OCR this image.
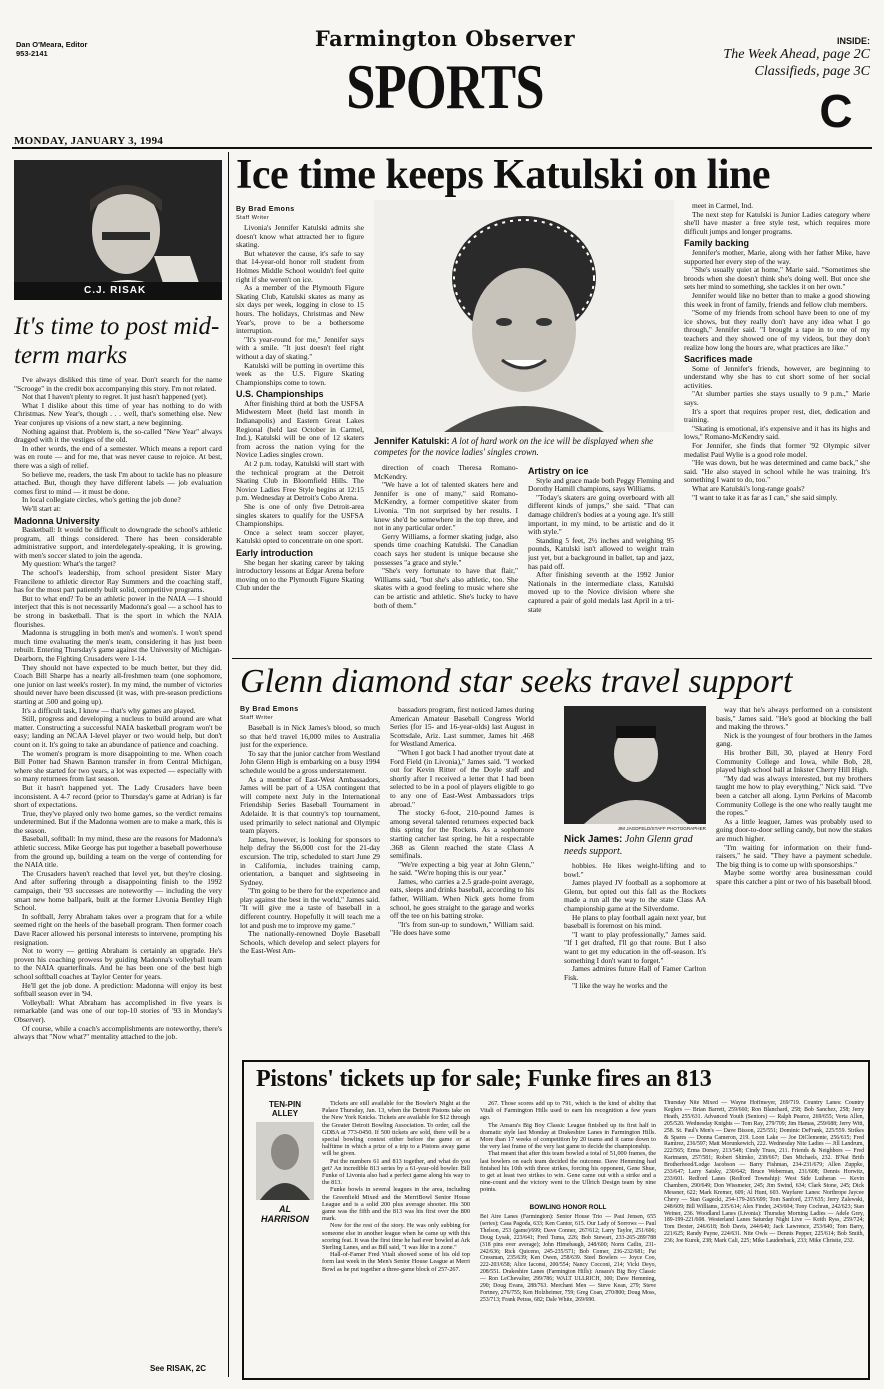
Dan O'Meara, Editor
953-2141
Farmington Observer
SPORTS
INSIDE:
The Week Ahead, page 2C
Classifieds, page 3C
C
MONDAY, JANUARY 3, 1994
C.J. RISAK
It's time to post mid-term marks

I've always disliked this time of year. Don't search for the name "Scrooge" in the credit box accompanying this story. I'm not related.

Not that I haven't plenty to regret. It just hasn't happened (yet).

What I dislike about this time of year has nothing to do with Christmas. New Year's, though . . . well, that's something else. New Year conjures up visions of a new start, a new beginning.

Nothing against that. Problem is, the so-called "New Year" always dragged with it the vestiges of the old.

In other words, the end of a semester. Which means a report card was en route — and for me, that was never cause to rejoice. At best, there was a sigh of relief.

So believe me, readers, the task I'm about to tackle has no pleasure attached. But, though they have different labels — job evaluation comes first to mind — it must be done.

In local collegiate circles, who's getting the job done?

We'll start at:

Madonna University

Basketball: It would be difficult to downgrade the school's athletic program, all things considered. There has been considerable administrative support, and interdelegately-speaking, it is growing, with men's soccer slated to join the agenda.

My question: What's the target?

The school's leadership, from school president Sister Mary Francilene to athletic director Ray Summers and the coaching staff, has for the most part patiently built solid, competitive programs.

But to what end? To be an athletic power in the NAIA — I should interject that this is not necessarily Madonna's goal — a school has to be strong in basketball. That is the sport in which the NAIA flourishes.

Madonna is struggling in both men's and women's. I won't spend much time evaluating the men's team, considering it has just been rebuilt. Entering Thursday's game against the University of Michigan-Dearborn, the Fighting Crusaders were 1-14.

They should not have expected to be much better, but they did. Coach Bill Sharpe has a nearly all-freshmen team (one sophomore, one junior on last week's roster). In my mind, the number of victories should never have been discussed (it was, with pre-season predictions starting at .500 and going up).

It's a difficult task, I know — that's why games are played.

Still, progress and developing a nucleus to build around are what matter. Constructing a successful NAIA basketball program won't be easy; landing an NCAA I-level player or two would help, but don't count on it. It's going to take an abundance of patience and coaching.

The women's program is more disappointing to me. When coach Bill Potter had Shawn Bannon transfer in from Central Michigan, where she started for two years, a lot was expected — especially with so many returnees from last season.

But it hasn't happened yet. The Lady Crusaders have been inconsistent. A 4-7 record (prior to Thursday's game at Adrian) is far short of expectations.

True, they've played only two home games, so the verdict remains undetermined. But if the Madonna women are to make a mark, this is the season.

Baseball, softball: In my mind, these are the reasons for Madonna's athletic success. Mike George has put together a baseball powerhouse from the ground up, building a team on the verge of contending for the NAIA title.

The Crusaders haven't reached that level yet, but they're closing. And after suffering through a disappointing finish to the 1992 campaign, their '93 successes are noteworthy — including the very smart new home ballpark, built at the former Livonia Bentley High School.

In softball, Jerry Abraham takes over a program that for a while seemed right on the heels of the baseball program. Then former coach Dave Racer allowed his personal interests to intervene, prompting his resignation.

Not to worry — getting Abraham is certainly an upgrade. He's proven his coaching prowess by guiding Madonna's volleyball team to the NAIA quarterfinals. And he has been one of the best high school softball coaches at Taylor Center for years.

He'll get the job done. A prediction: Madonna will enjoy its best softball season ever in '94.

Volleyball: What Abraham has accomplished in five years is remarkable (and was one of our top-10 stories of '93 in Monday's Observer).

Of course, while a coach's accomplishments are noteworthy, there's always that "Now what?" mentality attached to the job.

See RISAK, 2C
Ice time keeps Katulski on line
By Brad Emons
Staff Writer

Livonia's Jennifer Katulski admits she doesn't know what attracted her to figure skating.

But whatever the cause, it's safe to say that 14-year-old honor roll student from Holmes Middle School wouldn't feel quite right if she weren't on ice.

As a member of the Plymouth Figure Skating Club, Katulski skates as many as six days per week, logging in close to 15 hours. The holidays, Christmas and New Year's, prove to be a bothersome interruption.

"It's year-round for me," Jennifer says with a smile. "It just doesn't feel right without a day of skating."

Katulski will be putting in overtime this week as the U.S. Figure Skating Championships come to town.

U.S. Championships

After finishing third at both the USFSA Midwestern Meet (held last month in Indianapolis) and Eastern Great Lakes Regional (held last October in Carmel, Ind.), Katulski will be one of 12 skaters from across the nation vying for the Novice Ladies singles crown.

At 2 p.m. today, Katulski will start with the technical program at the Detroit Skating Club in Bloomfield Hills. The Novice Ladies Free Style begins at 12:15 p.m. Wednesday at Detroit's Cobo Arena.

She is one of only five Detroit-area singles skaters to qualify for the USFSA Championships.

Once a select team soccer player, Katulski opted to concentrate on one sport.

Early introduction

She began her skating career by taking introductory lessons at Edgar Arena before moving on to the Plymouth Figure Skating Club under the

Jennifer Katulski: A lot of hard work on the ice will be displayed when she competes for the novice ladies' singles crown.

direction of coach Theresa Romano-McKendry.

"We have a lot of talented skaters here and Jennifer is one of many," said Romano-McKendry, a former competitive skater from Livonia. "I'm not surprised by her results. I knew she'd be somewhere in the top three, and not in any particular order."

Gerry Williams, a former skating judge, also spends time coaching Katulski. The Canadian coach says her student is unique because she possesses "a grace and style."

"She's very fortunate to have that flair," Williams said, "but she's also athletic, too. She skates with a good feeling to music where she can be artistic and athletic. She's lucky to have both of them."

Artistry on ice

Style and grace made both Peggy Fleming and Dorothy Hamill champions, says Williams.

"Today's skaters are going overboard with all different kinds of jumps," she said. "That can damage children's bodies at a young age. It's still important, in my mind, to be artistic and do it with style."

Standing 5 feet, 2½ inches and weighing 95 pounds, Katulski isn't allowed to weight train just yet, but a background in ballet, tap and jazz, has paid off.

After finishing seventh at the 1992 Junior Nationals in the intermediate class, Katulski moved up to the Novice division where she captured a pair of gold medals last April in a tri-state

meet in Carmel, Ind.

The next step for Katulski is Junior Ladies category where she'll have master a free style test, which requires more difficult jumps and longer programs.

Family backing

Jennifer's mother, Marie, along with her father Mike, have supported her every step of the way.

"She's usually quiet at home," Marie said. "Sometimes she broods when she doesn't think she's doing well. But once she sets her mind to something, she tackles it on her own."

Jennifer would like no better than to make a good showing this week in front of family, friends and fellow club members.

"Some of my friends from school have been to one of my ice shows, but they really don't have any idea what I go through," Jennifer said. "I brought a tape in to one of my teachers and they showed one of my videos, but they don't realize how long the hours are, what practices are like."

Sacrifices made

Some of Jennifer's friends, however, are beginning to understand why she has to cut short some of her social activities.

"At slumber parties she stays usually to 9 p.m.," Marie says.

It's a sport that requires proper rest, diet, dedication and training.

"Skating is emotional, it's expensive and it has its highs and lows," Romano-McKendry said.

For Jennifer, she finds that former '92 Olympic silver medalist Paul Wylie is a good role model.

"He was down, but he was determined and came back," she said. "He also stayed in school while he was training. It's something I want to do, too."

What are Katulski's long-range goals?

"I want to take it as far as I can," she said simply.

Glenn diamond star seeks travel support
By Brad Emons
Staff Writer

Baseball is in Nick James's blood, so much so that he'd travel 16,000 miles to Australia just for the experience.

To say that the junior catcher from Westland John Glenn High is embarking on a busy 1994 schedule would be a gross understatement.

As a member of East-West Ambassadors, James will be part of a USA contingent that will compete next July in the International Friendship Series Baseball Tournament in Adelaide. It is that country's top tournament, used primarily to select national and Olympic team players.

James, however, is looking for sponsors to help defray the $6,000 cost for the 21-day excursion. The trip, scheduled to start June 29 in California, includes training camp, orientation, a banquet and sightseeing in Sydney.

"I'm going to be there for the experience and play against the best in the world," James said. "It will give me a taste of baseball in a different country. Hopefully it will teach me a lot and push me to improve my game."

The nationally-renowned Doyle Baseball Schools, which develop and select players for the East-West Am-

bassadors program, first noticed James during American Amateur Baseball Congress World Series (for 15- and 16-year-olds) last August in Scottsdale, Ariz. Last summer, James hit .468 for Westland America.

"When I got back I had another tryout date at Ford Field (in Livonia)," James said. "I worked out for Kevin Ritter of the Doyle staff and shortly after I received a letter that I had been selected to be in a pool of players eligible to go to any one of East-West Ambassadors trips abroad."

The stocky 6-foot, 210-pound James is among several talented returnees expected back this spring for the Rockets. As a sophomore starting catcher last spring, he hit a respectable .368 as Glenn reached the state Class A semifinals.

"We're expecting a big year at John Glenn," he said. "We're hoping this is our year."

James, who carries a 2.5 grade-point average, eats, sleeps and drinks baseball, according to his father, William. When Nick gets home from school, he goes straight to the garage and works off the tee on his batting stroke.

"It's from sun-up to sundown," William said. "He does have some

JIM JAGDFELD/STAFF PHOTOGRAPHER
Nick James: John Glenn grad needs support.

hobbies. He likes weight-lifting and to bowl."

James played JV football as a sophomore at Glenn, but opted out this fall as the Rockets made a run all the way to the state Class AA championship game at the Silverdome.

He plans to play football again next year, but baseball is foremost on his mind.

"I want to play professionally," James said. "If I get drafted, I'll go that route. But I also want to get my education in the off-season. It's something I don't want to forget."

James admires future Hall of Famer Carlton Fisk.

"I like the way he works and the

way that he's always performed on a consistent basis," James said. "He's good at blocking the ball and making the throws."

Nick is the youngest of four brothers in the James gang.

His brother Bill, 30, played at Henry Ford Community College and Iowa, while Bob, 28, played high school ball at Inkster Cherry Hill High.

"My dad was always interested, but my brothers taught me how to play everything," Nick said. "I've been a catcher all along. Lynn Perkins of Macomb Community College is the one who really taught me the ropes."

As a little leaguer, James was probably used to going door-to-door selling candy, but now the stakes are much higher.

"I'm waiting for information on their fund-raisers," he said. "They have a payment schedule. The big thing is to come up with sponsorships."

Maybe some worthy area businessman could spare this catcher a pint or two of his baseball blood.

Pistons' tickets up for sale; Funke fires an 813
TEN-PIN
ALLEY
AL
HARRISON

Tickets are still available for the Bowler's Night at the Palace Thursday, Jan. 13, when the Detroit Pistons take on the New York Knicks. Tickets are available for $12 through the Greater Detroit Bowling Association. To order, call the GDBA at 773-0450. If 500 tickets are sold, there will be a special bowling contest either before the game or at halftime in which a prize of a trip to a Pistons away game will be given.

Put the numbers 61 and 813 together, and what do you get? An incredible 813 series by a 61-year-old bowler. Bill Funke of Livonia also had a perfect game along his way to the 813.

Funke bowls in several leagues in the area, including the Greenfield Mixed and the MerriBowl Senior House League and is a solid 200 plus average shooter. His 300 game was the fifth and the 813 was his first over the 800 mark.

Now for the rest of the story. He was only subbing for someone else in another league when he came up with this scoring feat. It was the first time he had ever bowled at Ark Sterling Lanes, and as Bill said, "I was like in a zone."

Hall-of-Famer Fred Vitali showed some of his old top form last week in the Men's Senior House League at Merri Bowl as he put together a three-game block of 257-267.

267. Those scores add up to 791, which is the kind of ability that Vitali of Farmington Hills used to earn his recognition a few years ago.

The Ansara's Big Boy Classic League finished up its first half in dramatic style last Monday at Drakeshire Lanes in Farmington Hills. More than 17 weeks of competition by 20 teams and it came down to the very last frame of the very last game to decide the championship.

That meant that after this team bowled a total of 51,000 frames, the last bowlers on each team decided the outcome. Dave Hemming had finished his 10th with three strikes, forcing his opponent, Gene Shue, to get at least two strikes to win. Gene came out with a strike and a nine-count and the victory went to the Ullrich Design team by nine points.

BOWLING HONOR ROLL
Bel Aire Lanes (Farmington): Senior House Trio — Paul Jensen, 655 (series); Casa Pagoda, 633; Ken Cantor, 615. Our Lady of Sorrows — Paul Thelson, 253 (game)/699; Dave Conner, 267/612; Larry Taylor, 251/606; Doug Lysak, 223/641; Fred Tuma, 226; Bob Stewart, 233-265-289/788 (318 pins over average); John Himebaugh, 248/600; Norm Catlin, 231-242/636; Rick Quiceno, 245-235/571; Bob Comer, 236-232/681; Pat Cressman, 235/639; Ken Owen, 258/639. Steel Bowlers — Joyce Coo, 222-203/658; Alice Iaconsi, 200/554; Nancy Cocconi, 214; Vicki Deyo, 208/551. Drakeshire Lanes (Farmington Hills): Ansara's Big Boy Classic — Ron LeChevalier, 299/786; WALT ULLRICH, 300; Dave Hemming, 290; Doug Evans, 288/763. Merchant Men — Steve Kean, 279; Steve Fortney, 276/755; Ken Holzheimer, 759; Greg Coan, 270/800; Doug Moss, 253/713; Frank Petras, 682; Dale White, 269/690.
Thursday Nite Mixed — Wayne Hoffmeyer, 269/719. Country Lanes: Country Keglers — Brian Barrett, 259/660; Ron Blanchard, 258; Bob Sanchez, 258; Jerry Heath, 255/631. Advanced Youth (Seniors) — Ralph Pearce, 269/655; Verta Allen, 205/520. Wednesday Knights — Tom Ray, 279/709; Jim Hamas, 259/688; Jerry Witt, 258. St. Paul's Men's — Dave Bisson, 225/551; Dominic DeFrank, 225/559. Strikes & Spares — Donna Cameron, 219. Loon Lake — Joe DiClemente, 256/615; Fred Ramirez, 236/597; Matt Morunkewich, 222. Wednesday Nite Ladies — Jill Landrum, 222/565; Erma Dorsey, 213/548; Cindy Trues, 211. Friends & Neighbors — Fred Kartmann, 257/581; Robert Shimko, 238/667; Dan Michaels, 232. B'Nai Brith Brotherhood/Lodge Jacobson — Barry Fishman, 234-231/679; Allen Zuppke, 233/647; Larry Satsky, 230/642; Bruce Weberman, 231/608; Dennis Horwitz, 233/601. Redford Lanes (Redford Township): West Side Lutheran — Kevin Chambers, 290/649; Don Wissmeier, 245; Jim Swind, 634; Clark Stone, 245; Dick Messner, 622; Mark Kremer, 609; Al Hunt, 603. Wayfarer Lanes: Northrope Jaycee Chevy — Stan Gagecki, 254-179-265/699; Tom Sanford, 237/635; Jerry Zalewski, 248/609; Bill Williams, 235/614; Alex Finder, 243/604; Tony Cochran, 242/623; Stan Weiner, 236. Woodland Lanes (Livonia): Thursday Morning Ladies — Adele Grey, 189-199-221/608. Westerland Lanes Saturday Night Live — Keith Ryss, 259/724; Tom Dexter, 246/618; Bob Davis, 244/640; Jack Lawrence, 253/640; Tom Barry, 221/625; Randy Payne, 224/631. Nite Owls — Dennis Pepper, 225/614; Bob Smith, 236; Joe Kurek, 238; Mark Cali, 225; Mike Laudenback, 233; Mike Christie, 232.
